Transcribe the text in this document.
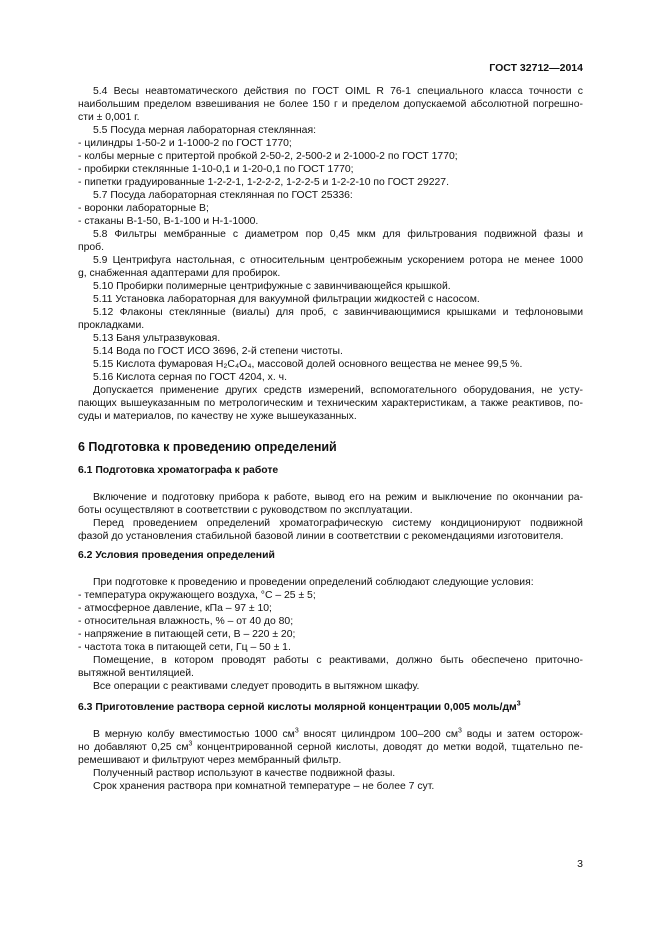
ГОСТ 32712—2014
5.4 Весы неавтоматического действия по ГОСТ OIML R 76-1 специального класса точности с
наибольшим пределом взвешивания не более 150 г и пределом допускаемой абсолютной погрешно-
сти ± 0,001 г.
5.5 Посуда мерная лабораторная стеклянная:
- цилиндры 1-50-2 и 1-1000-2 по ГОСТ 1770;
- колбы мерные с притертой пробкой 2-50-2, 2-500-2 и 2-1000-2 по ГОСТ 1770;
- пробирки стеклянные 1-10-0,1 и 1-20-0,1 по ГОСТ 1770;
- пипетки градуированные 1-2-2-1, 1-2-2-2, 1-2-2-5 и 1-2-2-10 по ГОСТ 29227.
5.7 Посуда лабораторная стеклянная по ГОСТ 25336:
- воронки лабораторные В;
- стаканы В-1-50, В-1-100 и Н-1-1000.
5.8 Фильтры мембранные с диаметром пор 0,45 мкм для фильтрования подвижной фазы и
проб.
5.9 Центрифуга настольная, с относительным центробежным ускорением ротора не менее 1000
g, снабженная адаптерами для пробирок.
5.10 Пробирки полимерные центрифужные с завинчивающейся крышкой.
5.11 Установка лабораторная для вакуумной фильтрации жидкостей с насосом.
5.12 Флаконы стеклянные (виалы) для проб, с завинчивающимися крышками и тефлоновыми
прокладками.
5.13 Баня ультразвуковая.
5.14 Вода по ГОСТ ИСО 3696, 2-й степени чистоты.
5.15 Кислота фумаровая H₂C₄O₄, массовой долей основного вещества не менее 99,5 %.
5.16 Кислота серная по ГОСТ 4204, х. ч.
Допускается применение других средств измерений, вспомогательного оборудования, не усту-
пающих вышеуказанным по метрологическим и техническим характеристикам, а также реактивов, по-
суды и материалов, по качеству не хуже вышеуказанных.
6 Подготовка к проведению определений
6.1 Подготовка хроматографа к работе
Включение и подготовку прибора к работе, вывод его на режим и выключение по окончании ра-
боты осуществляют в соответствии с руководством по эксплуатации.
Перед проведением определений хроматографическую систему кондиционируют подвижной
фазой до установления стабильной базовой линии в соответствии с рекомендациями изготовителя.
6.2 Условия проведения определений
При подготовке к проведению и проведении определений соблюдают следующие условия:
- температура окружающего воздуха, °С – 25 ± 5;
- атмосферное давление, кПа – 97 ± 10;
- относительная влажность, % – от 40 до 80;
- напряжение в питающей сети, В – 220 ± 20;
- частота тока в питающей сети, Гц – 50 ± 1.
Помещение, в котором проводят работы с реактивами, должно быть обеспечено приточно-
вытяжной вентиляцией.
Все операции с реактивами следует проводить в вытяжном шкафу.
6.3 Приготовление раствора серной кислоты молярной концентрации 0,005 моль/$дм^3$
В мерную колбу вместимостью 1000 $см^3$ вносят цилиндром 100–200 $см^3$ воды и затем осторож-
но добавляют 0,25 $см^3$ концентрированной серной кислоты, доводят до метки водой, тщательно пе-
ремешивают и фильтруют через мембранный фильтр.
Полученный раствор используют в качестве подвижной фазы.
Срок хранения раствора при комнатной температуре – не более 7 сут.
3
